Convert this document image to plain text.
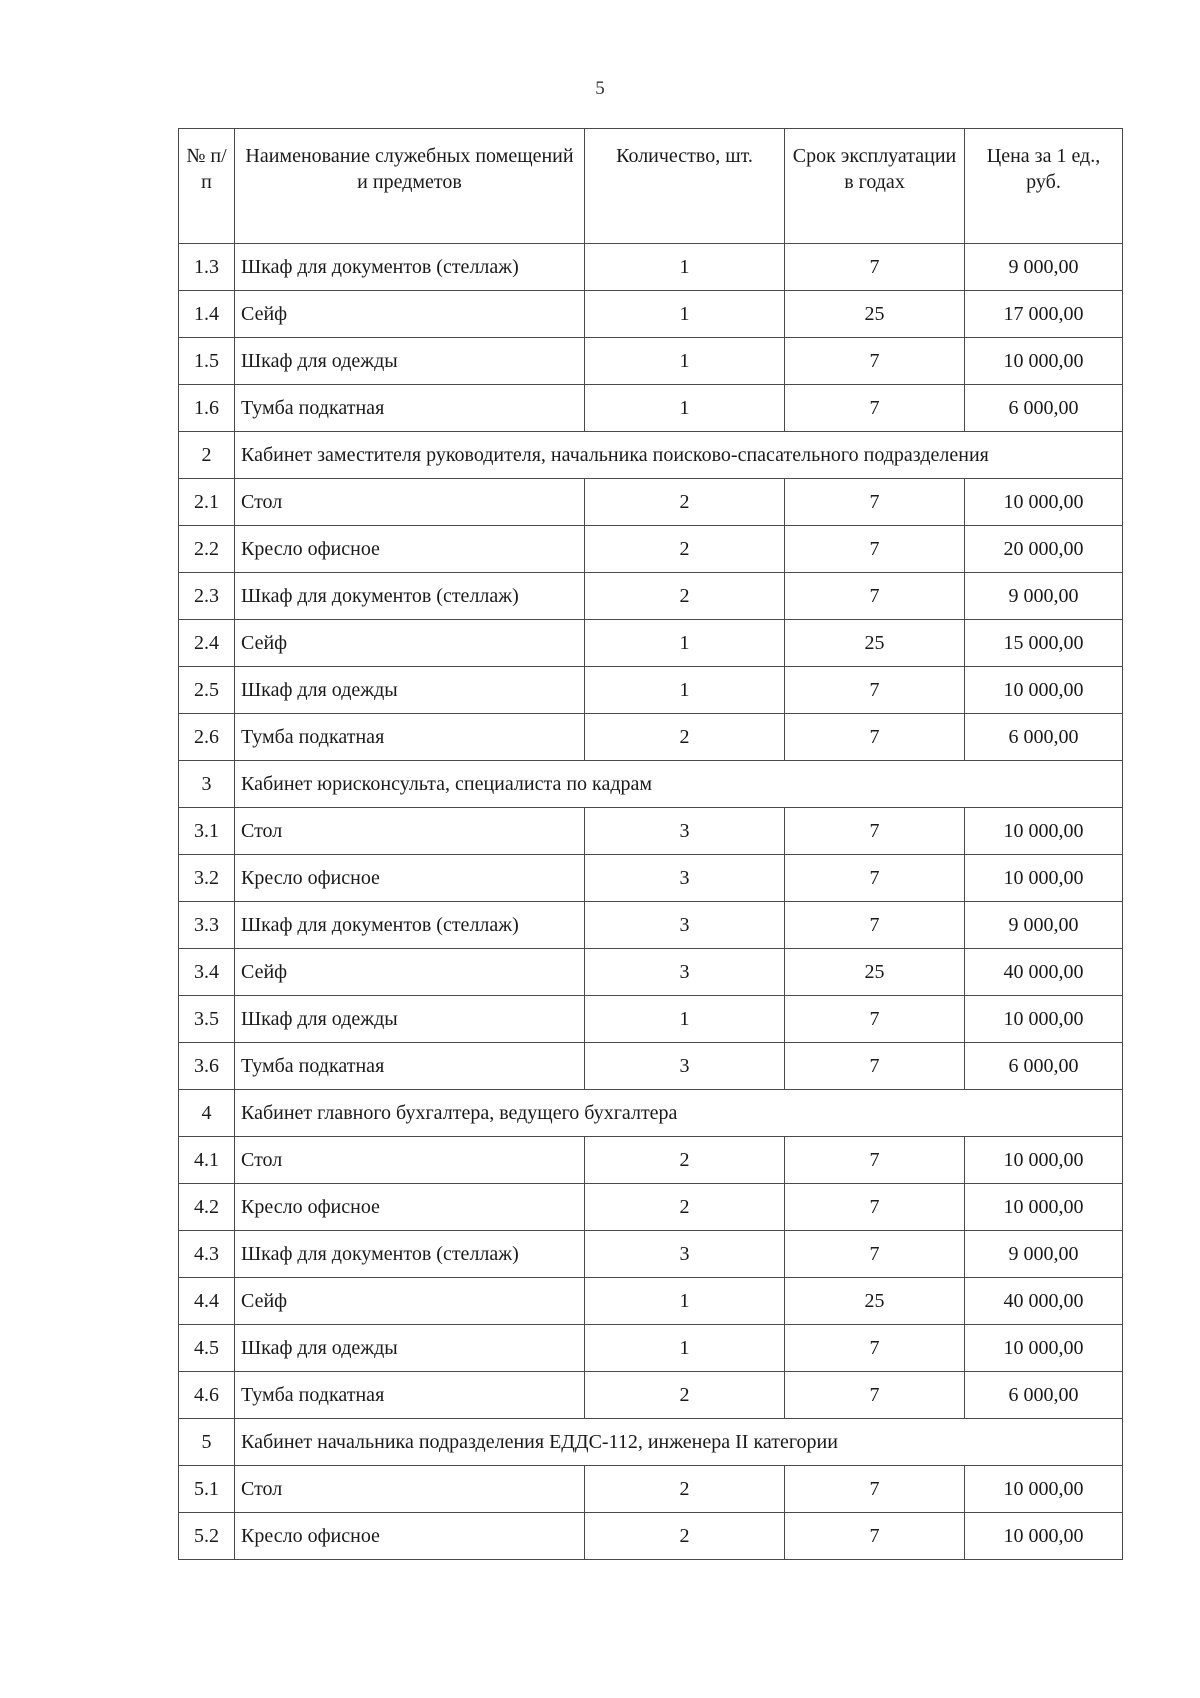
5
№ п/п	Наименование служебных помещений и предметов	Количество, шт.	Срок эксплуатации в годах	Цена за 1 ед., руб.
1.3	Шкаф для документов (стеллаж)	1	7	9 000,00
1.4	Сейф	1	25	17 000,00
1.5	Шкаф для одежды	1	7	10 000,00
1.6	Тумба подкатная	1	7	6 000,00
2	Кабинет заместителя руководителя, начальника поисково-спасательного подразделения			
2.1	Стол	2	7	10 000,00
2.2	Кресло офисное	2	7	20 000,00
2.3	Шкаф для документов (стеллаж)	2	7	9 000,00
2.4	Сейф	1	25	15 000,00
2.5	Шкаф для одежды	1	7	10 000,00
2.6	Тумба подкатная	2	7	6 000,00
3	Кабинет юрисконсульта, специалиста по кадрам			
3.1	Стол	3	7	10 000,00
3.2	Кресло офисное	3	7	10 000,00
3.3	Шкаф для документов (стеллаж)	3	7	9 000,00
3.4	Сейф	3	25	40 000,00
3.5	Шкаф для одежды	1	7	10 000,00
3.6	Тумба подкатная	3	7	6 000,00
4	Кабинет главного бухгалтера, ведущего бухгалтера			
4.1	Стол	2	7	10 000,00
4.2	Кресло офисное	2	7	10 000,00
4.3	Шкаф для документов (стеллаж)	3	7	9 000,00
4.4	Сейф	1	25	40 000,00
4.5	Шкаф для одежды	1	7	10 000,00
4.6	Тумба подкатная	2	7	6 000,00
5	Кабинет начальника подразделения ЕДДС-112, инженера II категории			
5.1	Стол	2	7	10 000,00
5.2	Кресло офисное	2	7	10 000,00
